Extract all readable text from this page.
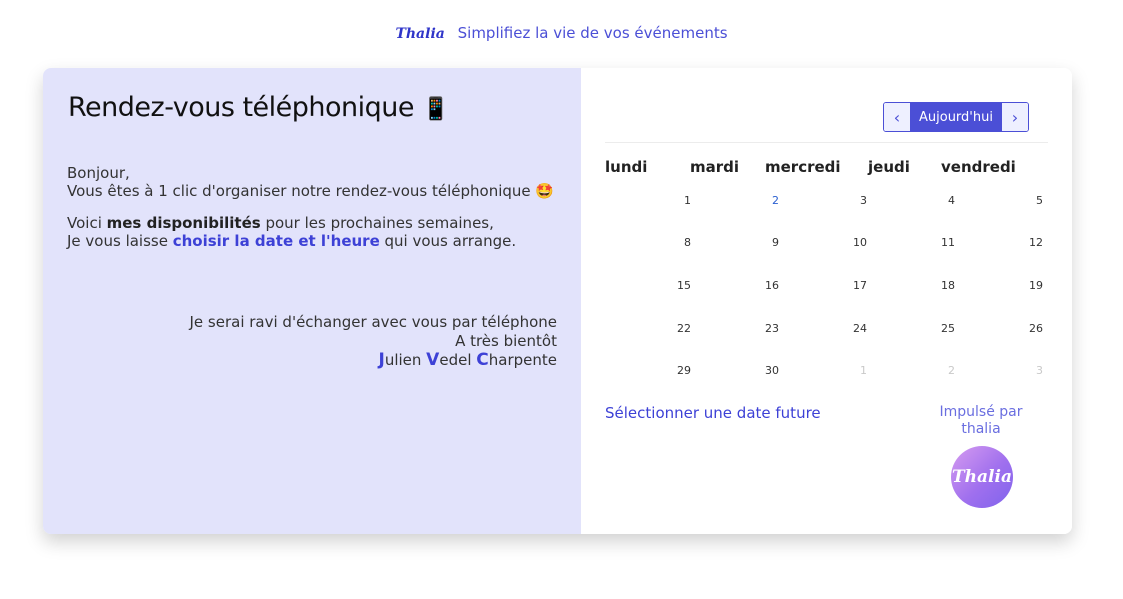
Thalia Simplifiez la vie de vos événements
Rendez-vous téléphonique 📱

Bonjour,

Vous êtes à 1 clic d'organiser notre rendez-vous téléphonique 🤩

Voici mes disponibilités pour les prochaines semaines,

Je vous laisse choisir la date et l'heure qui vous arrange.

Je serai ravi d'échanger avec vous par téléphone
A très bientôt
Julien Vedel Charpente
‹	Aujourd'hui	›
lundi	mardi mercredi jeudi vendredi
1	2	3	4	5
8	9	10	11	12
15	16	17	18	19
22	23	24	25	26
29	30	1	2	3
Sélectionner une date future	Impulsé par thalia
Thalia
